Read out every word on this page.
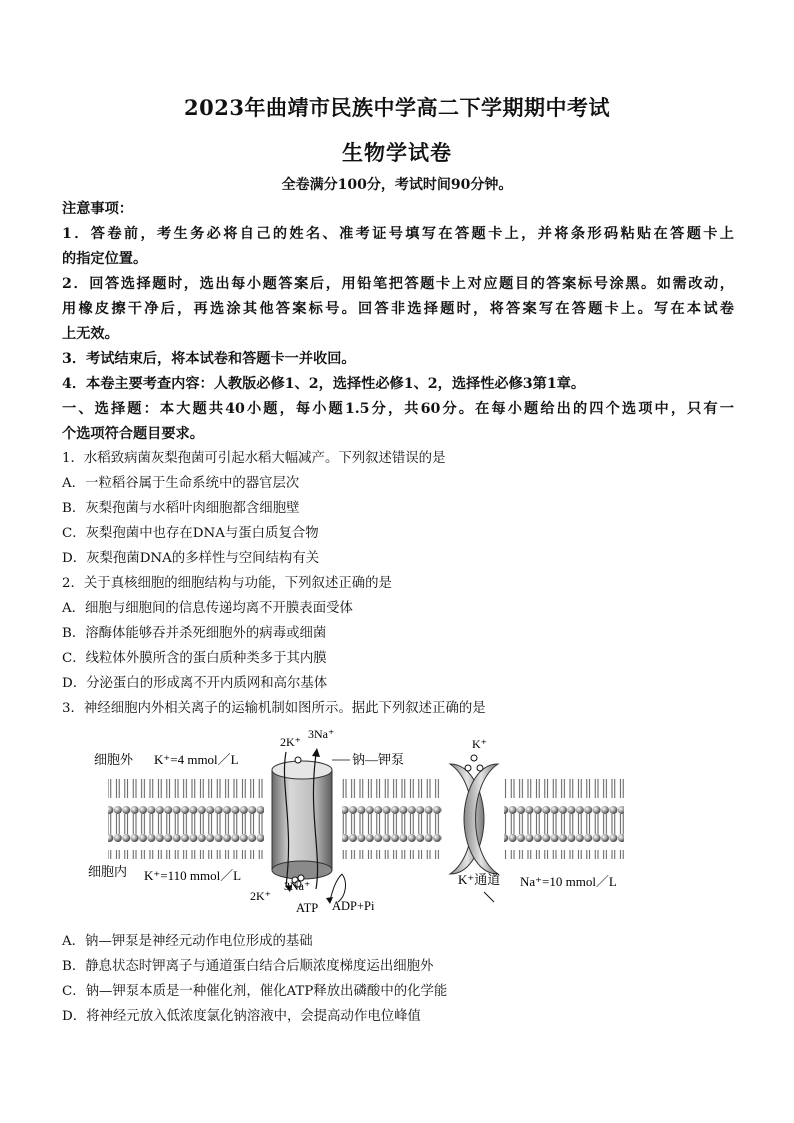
2023年曲靖市民族中学高二下学期期中考试
生物学试卷
全卷满分100分，考试时间90分钟。
注意事项：
1．答卷前，考生务必将自己的姓名、准考证号填写在答题卡上，并将条形码粘贴在答题卡上
的指定位置。
2．回答选择题时，选出每小题答案后，用铅笔把答题卡上对应题目的答案标号涂黑。如需改动，
用橡皮擦干净后，再选涂其他答案标号。回答非选择题时，将答案写在答题卡上。写在本试卷
上无效。
3．考试结束后，将本试卷和答题卡一并收回。
4．本卷主要考查内容：人教版必修1、2，选择性必修1、2，选择性必修3第1章。
一、选择题：本大题共40小题，每小题1.5分，共60分。在每小题给出的四个选项中，只有一
个选项符合题目要求。
1．水稻致病菌灰梨孢菌可引起水稻大幅减产。下列叙述错误的是
A．一粒稻谷属于生命系统中的器官层次
B．灰梨孢菌与水稻叶肉细胞都含细胞壁
C．灰梨孢菌中也存在DNA与蛋白质复合物
D．灰梨孢菌DNA的多样性与空间结构有关
2．关于真核细胞的细胞结构与功能，下列叙述正确的是
A．细胞与细胞间的信息传递均离不开膜表面受体
B．溶酶体能够吞并杀死细胞外的病毒或细菌
C．线粒体外膜所含的蛋白质种类多于其内膜
D．分泌蛋白的形成离不开内质网和高尔基体
3．神经细胞内外相关离子的运输机制如图所示。据此下列叙述正确的是
细胞外 K⁺=4 mmol／L
2K⁺
3Na⁺
钠—钾泵
K⁺
细胞内 K⁺=110 mmol／L
2K⁺
3Na⁺
ATP ADP+Pi
K⁺通道 Na⁺=10 mmol／L
A．钠—钾泵是神经元动作电位形成的基础
B．静息状态时钾离子与通道蛋白结合后顺浓度梯度运出细胞外
C．钠—钾泵本质是一种催化剂，催化ATP释放出磷酸中的化学能
D．将神经元放入低浓度氯化钠溶液中，会提高动作电位峰值
